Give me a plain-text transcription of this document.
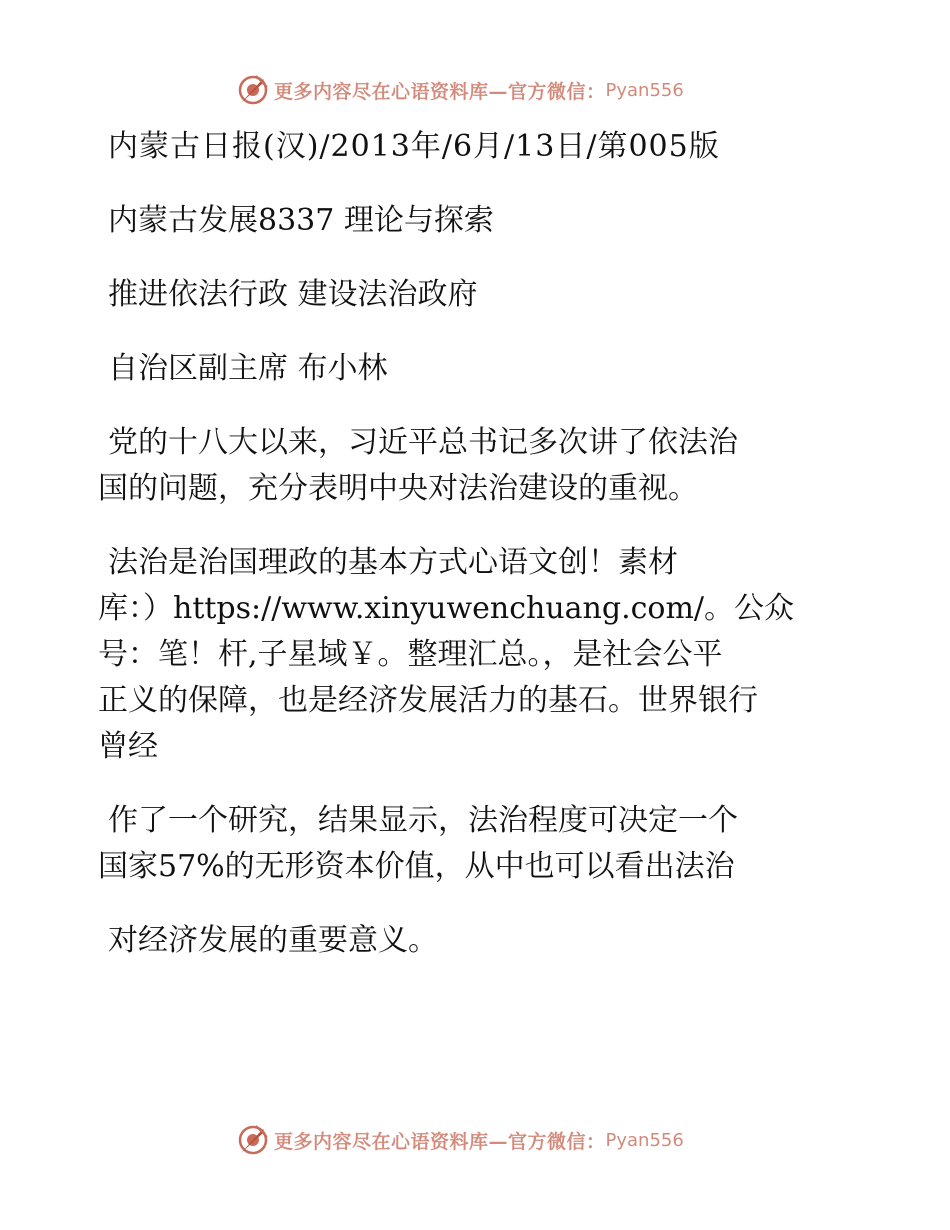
更多内容尽在心语资料库—官方微信： Pyan556

内蒙古日报(汉)/2013年/6月/13日/第005版

内蒙古发展8337 理论与探索

推进依法行政 建设法治政府

自治区副主席 布小林

党的十八大以来，习近平总书记多次讲了依法治

国的问题，充分表明中央对法治建设的重视。

法治是治国理政的基本方式心语文创！素材

库：）https://www.xinyuwenchuang.com/。公众

号：笔！杆,子星域￥。整理汇总。，是社会公平

正义的保障，也是经济发展活力的基石。世界银行

曾经

作了一个研究，结果显示，法治程度可决定一个

国家57%的无形资本价值，从中也可以看出法治

对经济发展的重要意义。

更多内容尽在心语资料库—官方微信： Pyan556
